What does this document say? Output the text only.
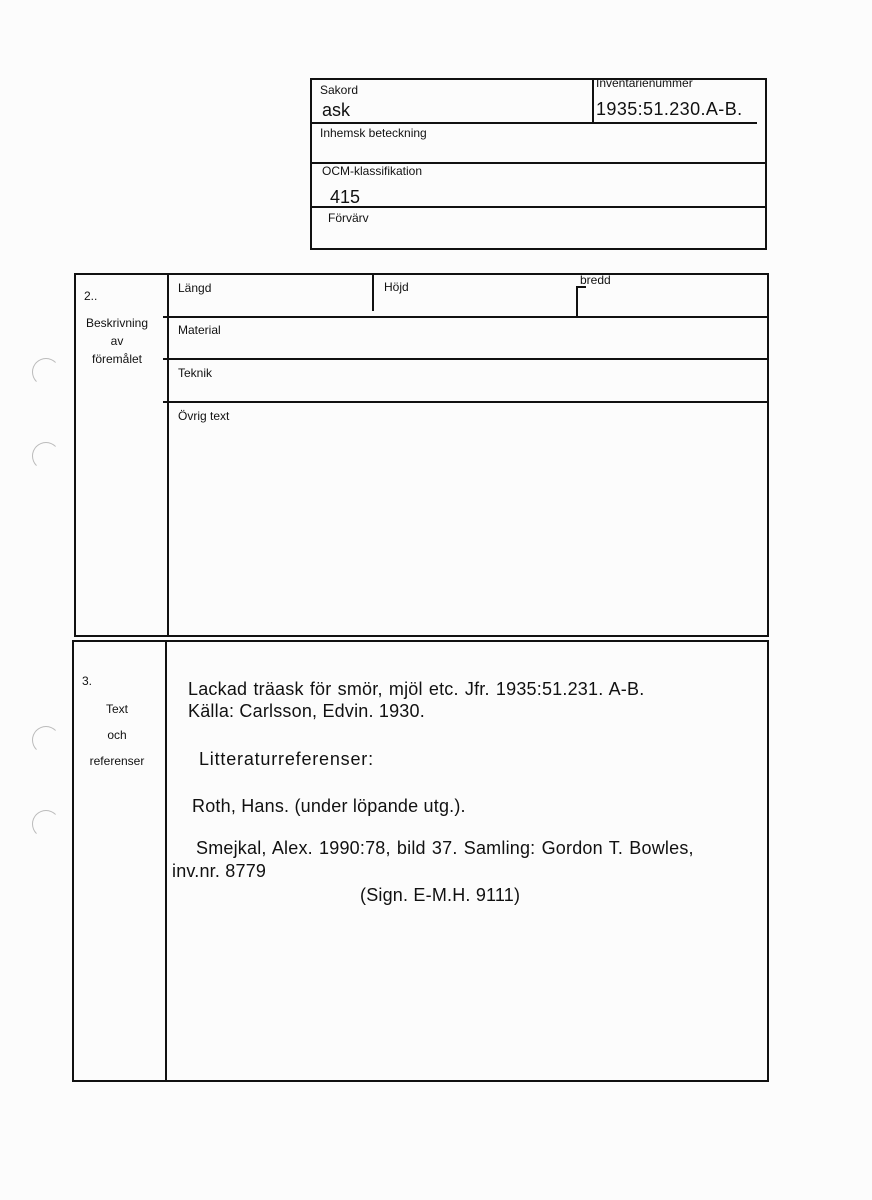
Sakord
ask
Inventarienummer
1935:51.230.A-B.
Inhemsk beteckning
OCM-klassifikation
415
Förvärv
2..
Beskrivning
av
föremålet
Längd	Höjd	bredd
Material
Teknik
Övrig text
3.
Text
och
referenser
Lackad träask för smör, mjöl etc. Jfr. 1935:51.231. A-B.
Källa: Carlsson, Edvin. 1930.
Litteraturreferenser:
Roth, Hans. (under löpande utg.).
Smejkal, Alex. 1990:78, bild 37. Samling: Gordon T. Bowles,
inv.nr. 8779
(Sign. E-M.H. 9111)
